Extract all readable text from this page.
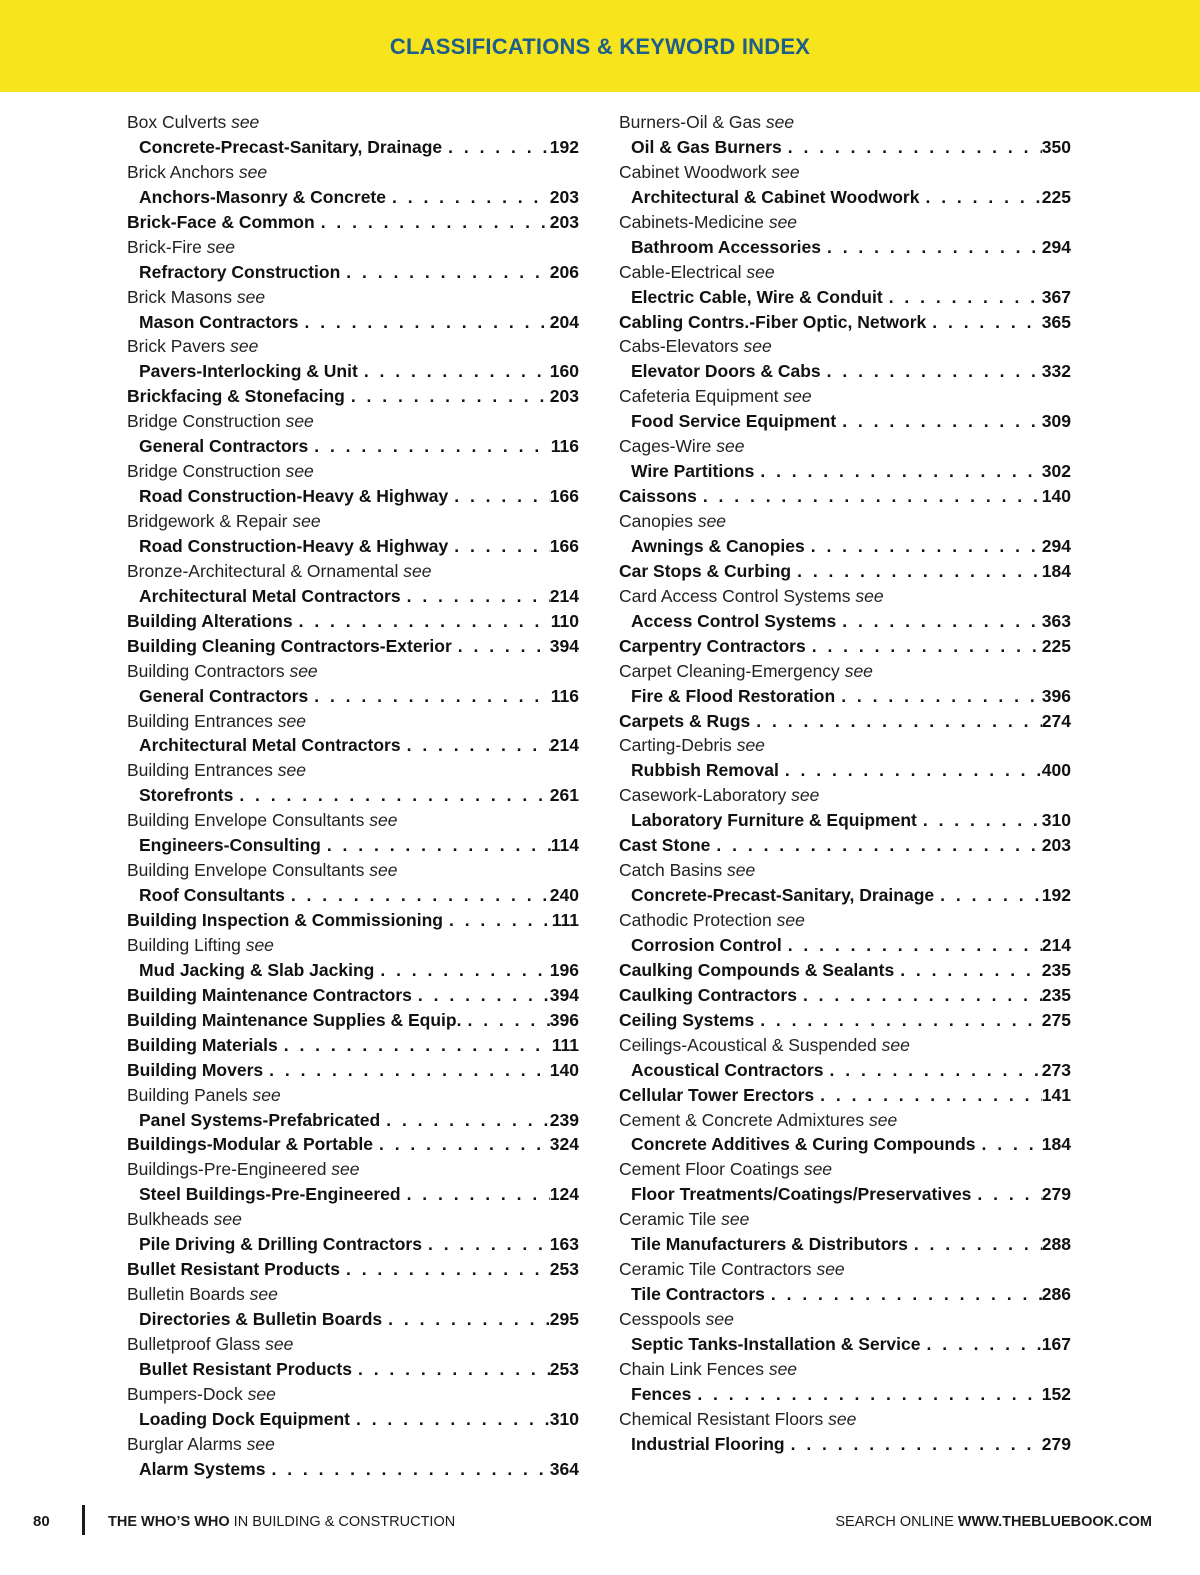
CLASSIFICATIONS & KEYWORD INDEX
Box Culverts see
Concrete-Precast-Sanitary, Drainage . . .	192
Brick Anchors see
Anchors-Masonry & Concrete . . .	203
Brick-Face & Common . . .	203
Brick-Fire see
Refractory Construction . . .	206
Brick Masons see
Mason Contractors . . .	204
Brick Pavers see
Pavers-Interlocking & Unit . . .	160
Brickfacing & Stonefacing . . .	203
Bridge Construction see
General Contractors . . .	116
Bridge Construction see
Road Construction-Heavy & Highway . . .	166
Bridgework & Repair see
Road Construction-Heavy & Highway . . .	166
Bronze-Architectural & Ornamental see
Architectural Metal Contractors . . .	214
Building Alterations . . .	110
Building Cleaning Contractors-Exterior . . .	394
Building Contractors see
General Contractors . . .	116
Building Entrances see
Architectural Metal Contractors . . .	214
Building Entrances see
Storefronts . . .	261
Building Envelope Consultants see
Engineers-Consulting . . .	114
Building Envelope Consultants see
Roof Consultants . . .	240
Building Inspection & Commissioning . . .	111
Building Lifting see
Mud Jacking & Slab Jacking . . .	196
Building Maintenance Contractors . . .	394
Building Maintenance Supplies & Equip. . . .	396
Building Materials . . .	111
Building Movers . . .	140
Building Panels see
Panel Systems-Prefabricated . . .	239
Buildings-Modular & Portable . . .	324
Buildings-Pre-Engineered see
Steel Buildings-Pre-Engineered . . .	124
Bulkheads see
Pile Driving & Drilling Contractors . . .	163
Bullet Resistant Products . . .	253
Bulletin Boards see
Directories & Bulletin Boards . . .	295
Bulletproof Glass see
Bullet Resistant Products . . .	253
Bumpers-Dock see
Loading Dock Equipment . . .	310
Burglar Alarms see
Alarm Systems . . .	364
Burners-Oil & Gas see
Oil & Gas Burners . . .	350
Cabinet Woodwork see
Architectural & Cabinet Woodwork . . .	225
Cabinets-Medicine see
Bathroom Accessories . . .	294
Cable-Electrical see
Electric Cable, Wire & Conduit . . .	367
Cabling Contrs.-Fiber Optic, Network . . .	365
Cabs-Elevators see
Elevator Doors & Cabs . . .	332
Cafeteria Equipment see
Food Service Equipment . . .	309
Cages-Wire see
Wire Partitions . . .	302
Caissons . . .	140
Canopies see
Awnings & Canopies . . .	294
Car Stops & Curbing . . .	184
Card Access Control Systems see
Access Control Systems . . .	363
Carpentry Contractors . . .	225
Carpet Cleaning-Emergency see
Fire & Flood Restoration . . .	396
Carpets & Rugs . . .	274
Carting-Debris see
Rubbish Removal . . .	400
Casework-Laboratory see
Laboratory Furniture & Equipment . . .	310
Cast Stone . . .	203
Catch Basins see
Concrete-Precast-Sanitary, Drainage . . .	192
Cathodic Protection see
Corrosion Control . . .	214
Caulking Compounds & Sealants . . .	235
Caulking Contractors . . .	235
Ceiling Systems . . .	275
Ceilings-Acoustical & Suspended see
Acoustical Contractors . . .	273
Cellular Tower Erectors . . .	141
Cement & Concrete Admixtures see
Concrete Additives & Curing Compounds . . .	184
Cement Floor Coatings see
Floor Treatments/Coatings/Preservatives . . .	279
Ceramic Tile see
Tile Manufacturers & Distributors . . .	288
Ceramic Tile Contractors see
Tile Contractors . . .	286
Cesspools see
Septic Tanks-Installation & Service . . .	167
Chain Link Fences see
Fences . . .	152
Chemical Resistant Floors see
Industrial Flooring . . .	279
80	THE WHO’S WHO IN BUILDING & CONSTRUCTION	SEARCH ONLINE WWW.THEBLUEBOOK.COM
